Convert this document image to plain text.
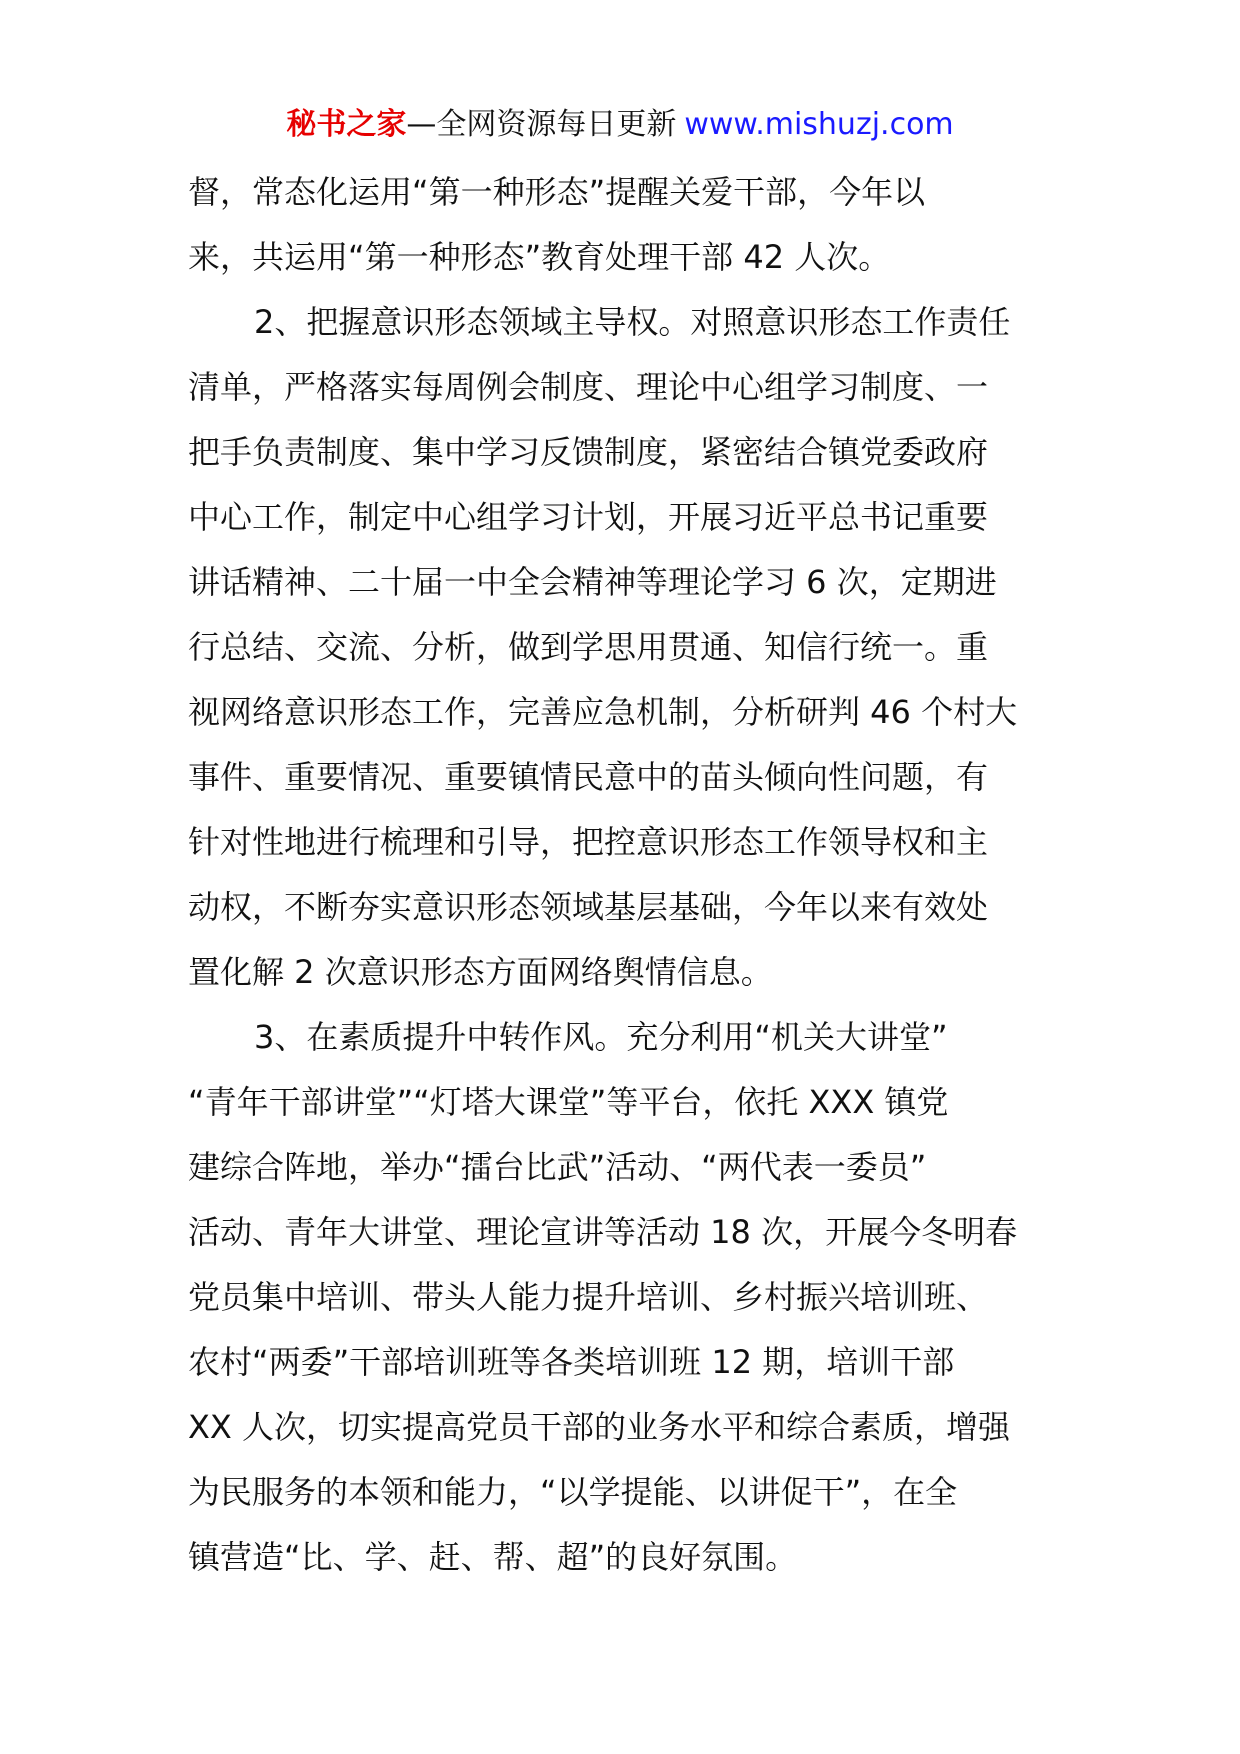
秘书之家—全网资源每日更新 www.mishuzj.com
督，常态化运用“第一种形态”提醒关爱干部，今年以
来，共运用“第一种形态”教育处理干部 42 人次。
2、把握意识形态领域主导权。对照意识形态工作责任
清单，严格落实每周例会制度、理论中心组学习制度、一
把手负责制度、集中学习反馈制度，紧密结合镇党委政府
中心工作，制定中心组学习计划，开展习近平总书记重要
讲话精神、二十届一中全会精神等理论学习 6 次，定期进
行总结、交流、分析，做到学思用贯通、知信行统一。重
视网络意识形态工作，完善应急机制，分析研判 46 个村大
事件、重要情况、重要镇情民意中的苗头倾向性问题，有
针对性地进行梳理和引导，把控意识形态工作领导权和主
动权，不断夯实意识形态领域基层基础，今年以来有效处
置化解 2 次意识形态方面网络舆情信息。
3、在素质提升中转作风。充分利用“机关大讲堂”
“青年干部讲堂”“灯塔大课堂”等平台，依托 XXX 镇党
建综合阵地，举办“擂台比武”活动、“两代表一委员”
活动、青年大讲堂、理论宣讲等活动 18 次，开展今冬明春
党员集中培训、带头人能力提升培训、乡村振兴培训班、
农村“两委”干部培训班等各类培训班 12 期，培训干部
XX 人次，切实提高党员干部的业务水平和综合素质，增强
为民服务的本领和能力，“以学提能、以讲促干”，在全
镇营造“比、学、赶、帮、超”的良好氛围。
